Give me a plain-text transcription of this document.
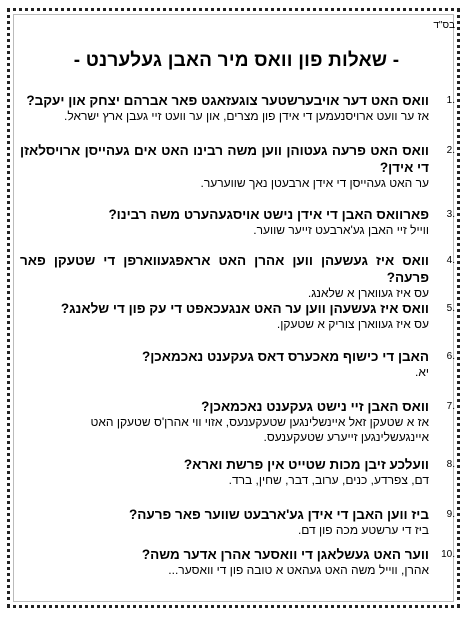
בס"ד
- שאלות פון וואס מיר האבן געלערנט -
1.
וואס האט דער אויבערשטער צוגעזאגט פאר אברהם יצחק און יעקב?
אז ער וועט ארויסנעמען די אידן פון מצרים, און ער וועט זיי געבן ארץ ישראל.
2.
וואס האט פרעה געטוהן ווען משה רבינו האט אים געהייסן ארויסלאזן די אידן?
ער האט געהייסן די אידן ארבעטן נאך שווערער.
3.
פארוואס האבן די אידן נישט אויסגעהערט משה רבינו?
ווייל זיי האבן גע'ארבעט זייער שווער.
4.
וואס איז געשעהן ווען אהרן האט אראפגעווארפן די שטעקן פאר פרעה?
עס איז געווארן א שלאנג.
5.
וואס איז געשעהן ווען ער האט אנגעכאפט די עק פון די שלאנג?
עס איז געווארן צוריק א שטעקן.
6.
האבן די כישוף מאכערס דאס געקענט נאכמאכן?
יא.
7.
וואס האבן זיי נישט געקענט נאכמאכן?
אז א שטעקן זאל איינשלינגען שטעקענעס, אזוי ווי אהרן'ס שטעקן האט איינגעשלינגען זייערע שטעקענעס.
8.
וועלכע זיבן מכות שטייט אין פרשת וארא?
דם, צפרדע, כנים, ערוב, דבר, שחין, ברד.
9.
ביז ווען האבן די אידן גע'ארבעט שווער פאר פרעה?
ביז די ערשטע מכה פון דם.
10.
ווער האט געשלאגן די וואסער אהרן אדער משה?
אהרן, ווייל משה האט געהאט א טובה פון די וואסער...
